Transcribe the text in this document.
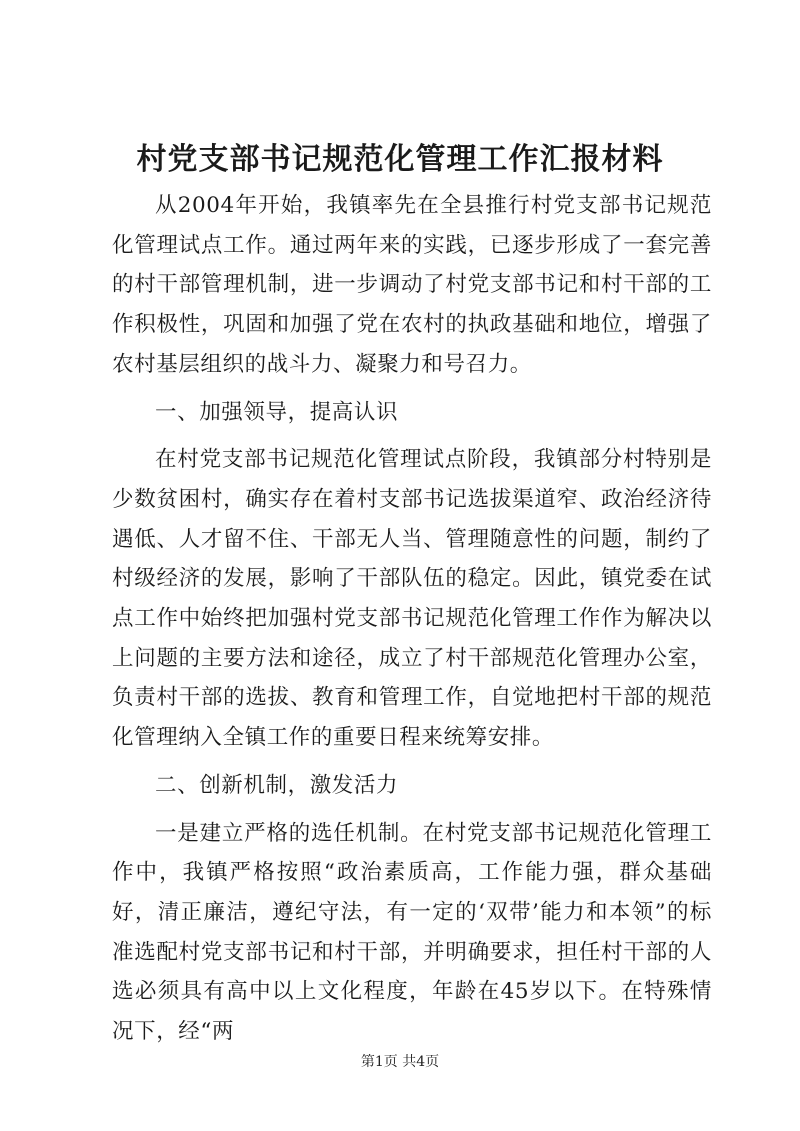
村党支部书记规范化管理工作汇报材料

从2004年开始，我镇率先在全县推行村党支部书记规范化管理试点工作。通过两年来的实践，已逐步形成了一套完善的村干部管理机制，进一步调动了村党支部书记和村干部的工作积极性，巩固和加强了党在农村的执政基础和地位，增强了农村基层组织的战斗力、凝聚力和号召力。

一、加强领导，提高认识

在村党支部书记规范化管理试点阶段，我镇部分村特别是少数贫困村，确实存在着村支部书记选拔渠道窄、政治经济待遇低、人才留不住、干部无人当、管理随意性的问题，制约了村级经济的发展，影响了干部队伍的稳定。因此，镇党委在试点工作中始终把加强村党支部书记规范化管理工作作为解决以上问题的主要方法和途径，成立了村干部规范化管理办公室，负责村干部的选拔、教育和管理工作，自觉地把村干部的规范化管理纳入全镇工作的重要日程来统筹安排。

二、创新机制，激发活力

一是建立严格的选任机制。在村党支部书记规范化管理工作中，我镇严格按照“政治素质高，工作能力强，群众基础好，清正廉洁，遵纪守法，有一定的‘双带’能力和本领”的标准选配村党支部书记和村干部，并明确要求，担任村干部的人选必须具有高中以上文化程度，年龄在45岁以下。在特殊情况下，经“两

第1页 共4页
